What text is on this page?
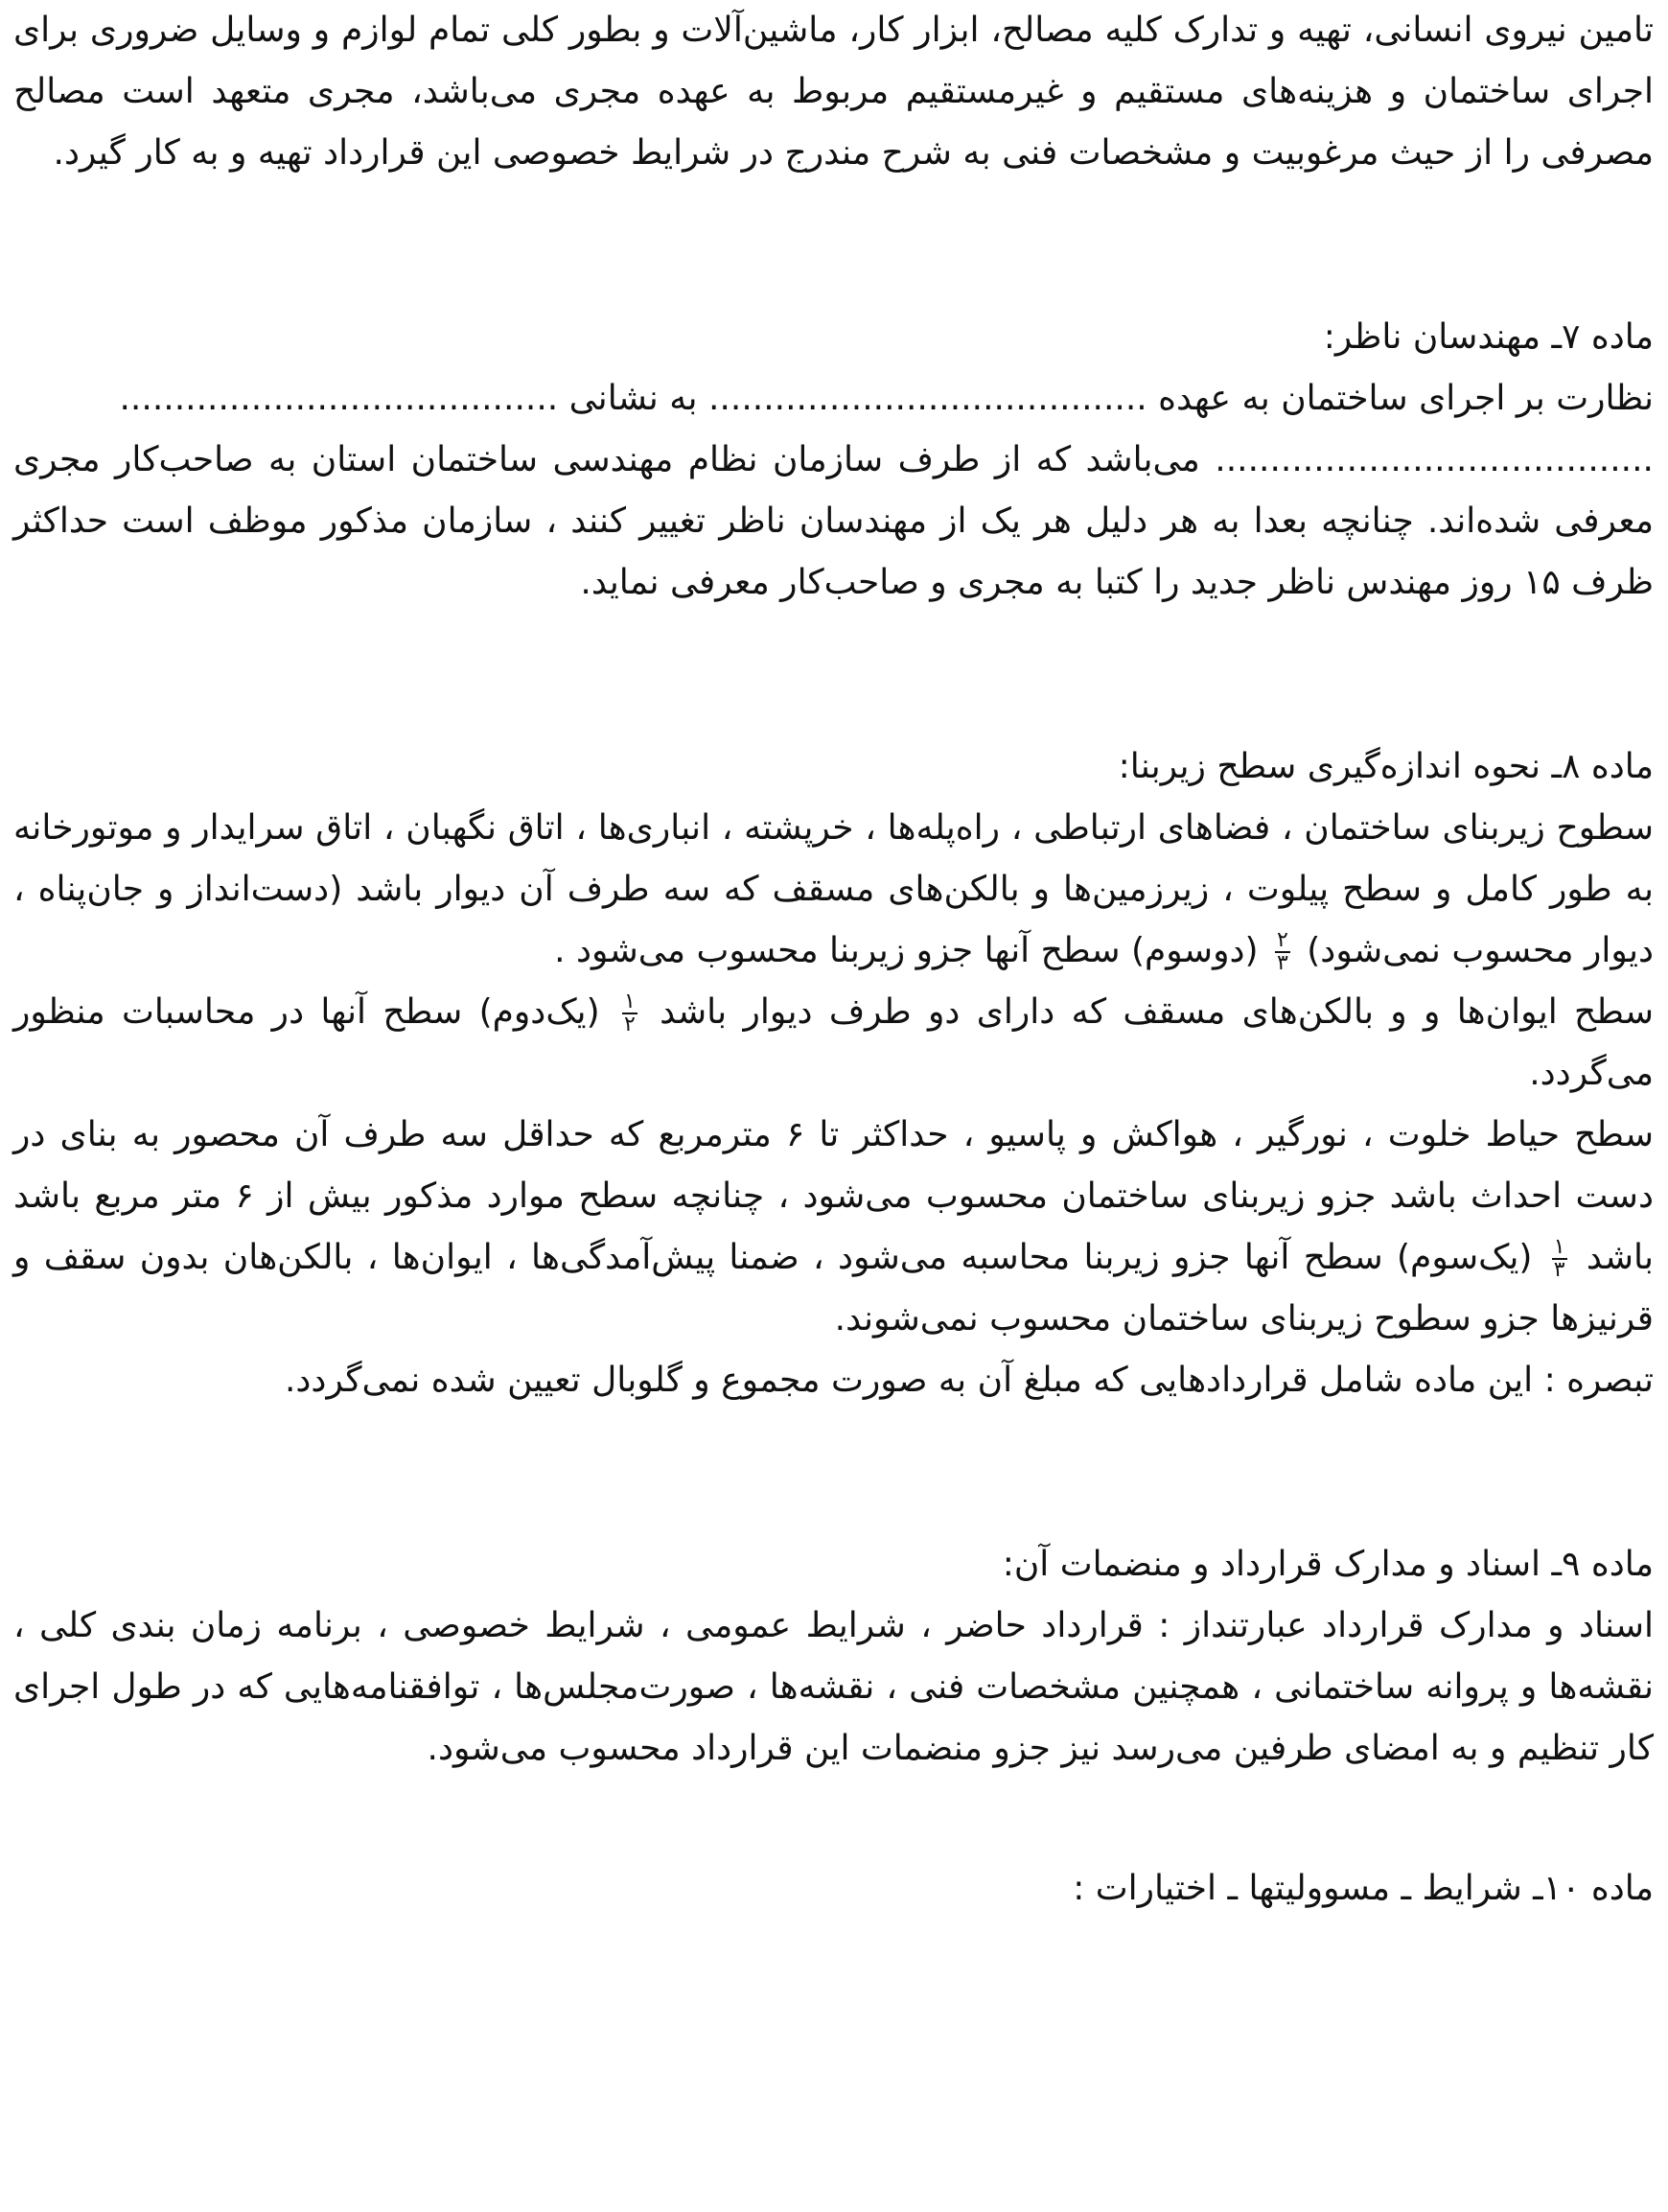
تامین نیروی انسانی، تهیه و تدارک کلیه مصالح، ابزار کار، ماشین‌آلات و بطور کلی تمام لوازم و وسایل ضروری برای اجرای ساختمان و هزینه‌های مستقیم و غیرمستقیم مربوط به عهده مجری می‌باشد، مجری متعهد است مصالح مصرفی را از حیث مرغوبیت و مشخصات فنی به شرح مندرج در شرایط خصوصی این قرارداد تهیه و به کار گیرد.

ماده ۷ـ مهندسان ناظر:

نظارت بر اجرای ساختمان به عهده ........................................ به نشانی ........................................

........................................ می‌باشد که از طرف سازمان نظام مهندسی ساختمان استان به صاحب‌کار مجری معرفی شده‌اند. چنانچه بعدا به هر دلیل هر یک از مهندسان ناظر تغییر کنند ، سازمان مذکور موظف است حداکثر ظرف ۱۵ روز مهندس ناظر جدید را کتبا به مجری و صاحب‌کار معرفی نماید.

ماده ۸ـ نحوه اندازه‌گیری سطح زیربنا:

سطوح زیربنای ساختمان ، فضاهای ارتباطی ، راه‌پله‌ها ، خرپشته ، انباری‌ها ، اتاق نگهبان ، اتاق سرایدار و موتورخانه به طور کامل و سطح پیلوت ، زیرزمین‌ها و بالکن‌های مسقف که سه طرف آن دیوار باشد (دست‌انداز و جان‌پناه ، دیوار محسوب نمی‌شود)
$\frac{۲}{۳}$
(دوسوم) سطح آنها جزو زیربنا محسوب می‌شود .

سطح ایوان‌ها و و بالکن‌های مسقف که دارای دو طرف دیوار باشد
$\frac{۱}{۲}$
(یک‌دوم) سطح آنها در محاسبات منظور می‌گردد.

سطح حیاط خلوت ، نورگیر ، هواکش و پاسیو ، حداکثر تا ۶ مترمربع که حداقل سه طرف آن محصور به بنای در دست احداث باشد جزو زیربنای ساختمان محسوب می‌شود ، چنانچه سطح موارد مذکور بیش از ۶ متر مربع باشد باشد
$\frac{۱}{۳}$
(یک‌سوم) سطح آنها جزو زیربنا محاسبه می‌شود ، ضمنا پیش‌آمدگی‌ها ، ایوان‌ها ، بالکن‌هان بدون سقف و قرنیزها جزو سطوح زیربنای ساختمان محسوب نمی‌شوند.

تبصره : این ماده شامل قراردادهایی که مبلغ آن به صورت مجموع و گلوبال تعیین شده نمی‌گردد.

ماده ۹ـ اسناد و مدارک قرارداد و منضمات آن:

اسناد و مدارک قرارداد عبارتنداز : قرارداد حاضر ، شرایط عمومی ، شرایط خصوصی ، برنامه زمان بندی کلی ، نقشه‌ها و پروانه ساختمانی ، همچنین مشخصات فنی ، نقشه‌ها ، صورت‌مجلس‌ها ، توافقنامه‌هایی که در طول اجرای کار تنظیم و به امضای طرفین می‌رسد نیز جزو منضمات این قرارداد محسوب می‌شود.

ماده ۱۰ـ شرایط ـ مسوولیتها ـ اختیارات :
